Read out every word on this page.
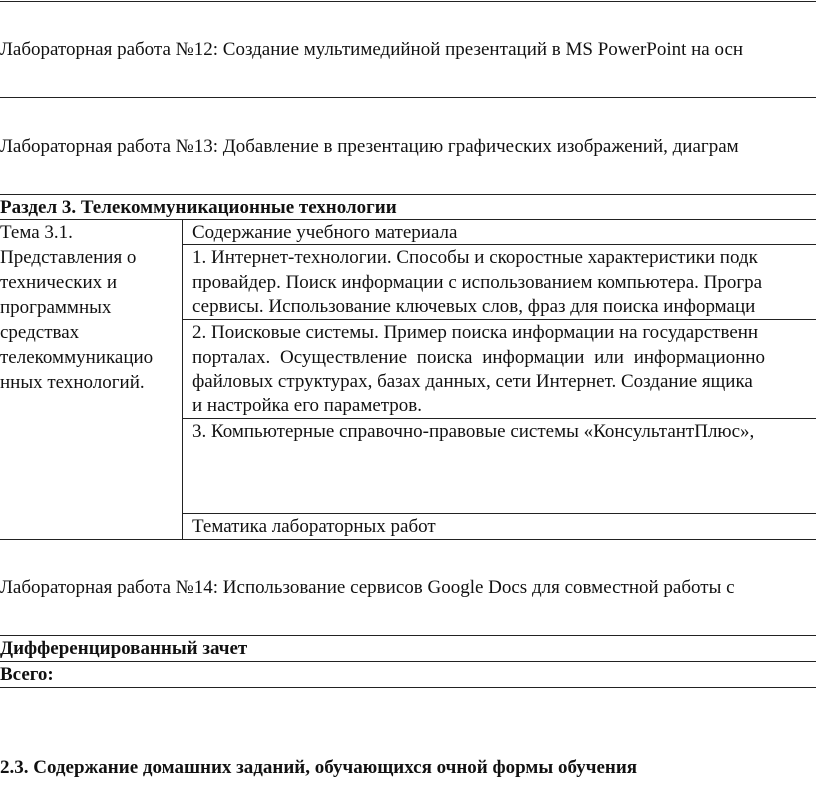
Лабораторная работа №12: Создание мультимедийной презентаций в MS PowerPoint на осн
Лабораторная работа №13: Добавление в презентацию графических изображений, диаграм
Раздел 3. Телекоммуникационные технологии
Тема 3.1.
Представления о
технических и
программных
средствах
телекоммуникацио
нных технологий.
Содержание учебного материала
1. Интернет-технологии. Способы и скоростные характеристики подк
провайдер. Поиск информации с использованием компьютера. Програ
сервисы. Использование ключевых слов, фраз для поиска информаци
2. Поисковые системы. Пример поиска информации на государственн
порталах. Осуществление поиска информации или информационно
файловых структурах, базах данных, сети Интернет. Создание ящика
и настройка его параметров.
3. Компьютерные справочно-правовые системы «КонсультантПлюс»,
Тематика лабораторных работ
Лабораторная работа №14: Использование сервисов Google Docs для совместной работы с
Дифференцированный зачет
Всего:
2.3. Содержание домашних заданий, обучающихся очной формы обучения
